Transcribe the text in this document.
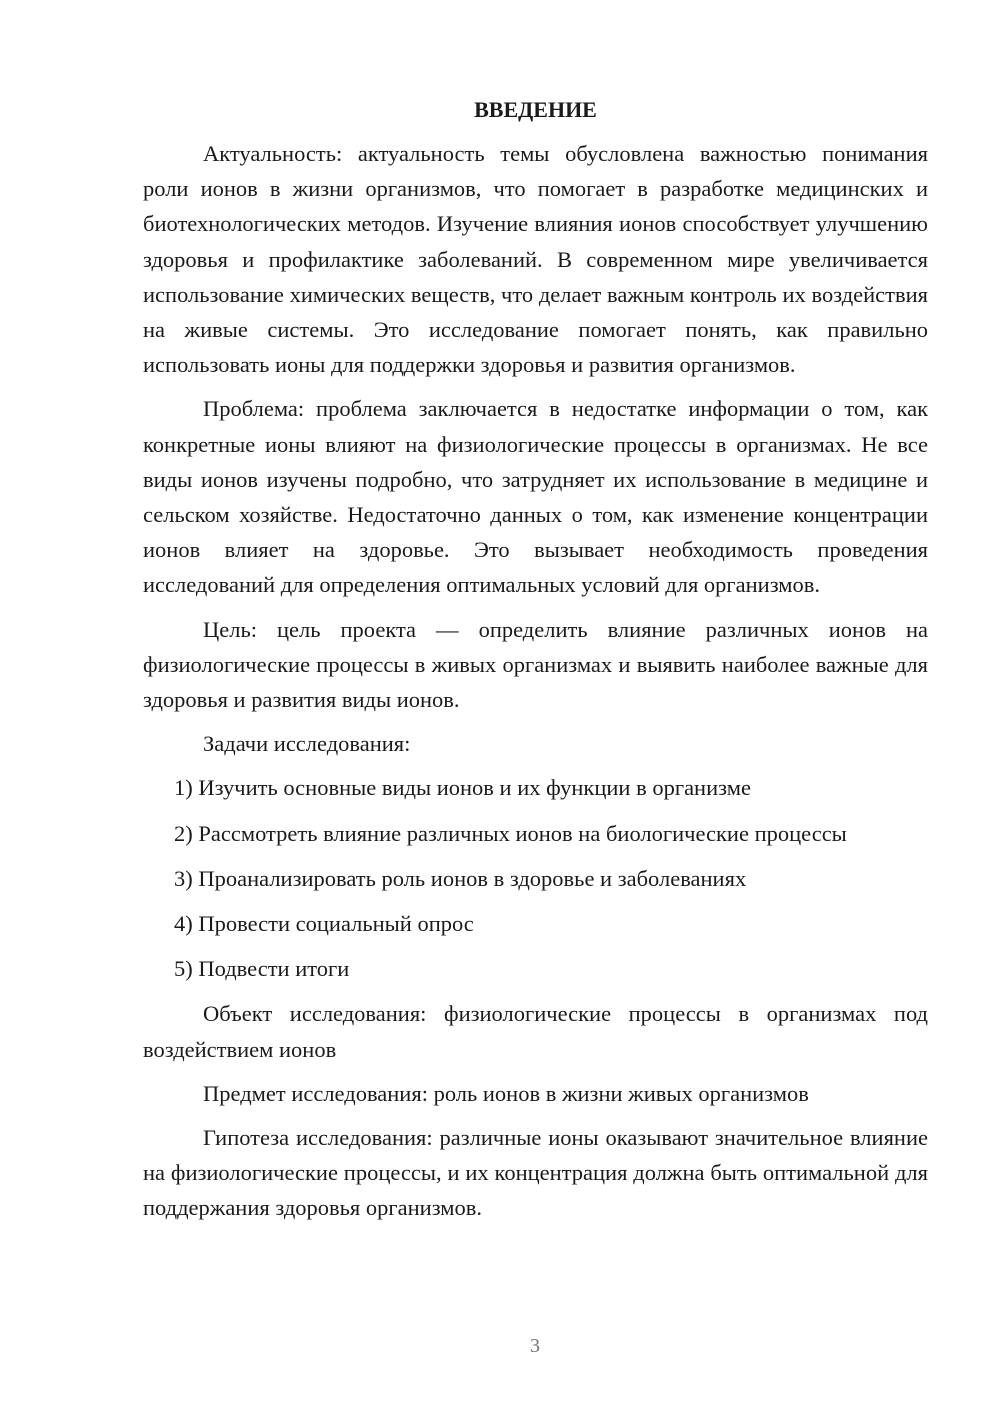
ВВЕДЕНИЕ

Актуальность: актуальность темы обусловлена важностью понимания роли ионов в жизни организмов, что помогает в разработке медицинских и биотехнологических методов. Изучение влияния ионов способствует улучшению здоровья и профилактике заболеваний. В современном мире увеличивается использование химических веществ, что делает важным контроль их воздействия на живые системы. Это исследование помогает понять, как правильно использовать ионы для поддержки здоровья и развития организмов.

Проблема: проблема заключается в недостатке информации о том, как конкретные ионы влияют на физиологические процессы в организмах. Не все виды ионов изучены подробно, что затрудняет их использование в медицине и сельском хозяйстве. Недостаточно данных о том, как изменение концентрации ионов влияет на здоровье. Это вызывает необходимость проведения исследований для определения оптимальных условий для организмов.

Цель: цель проекта — определить влияние различных ионов на физиологические процессы в живых организмах и выявить наиболее важные для здоровья и развития виды ионов.

Задачи исследования:

1) Изучить основные виды ионов и их функции в организме
2) Рассмотреть влияние различных ионов на биологические процессы
3) Проанализировать роль ионов в здоровье и заболеваниях
4) Провести социальный опрос
5) Подвести итоги

Объект исследования: физиологические процессы в организмах под воздействием ионов

Предмет исследования: роль ионов в жизни живых организмов

Гипотеза исследования: различные ионы оказывают значительное влияние на физиологические процессы, и их концентрация должна быть оптимальной для поддержания здоровья организмов.

3
